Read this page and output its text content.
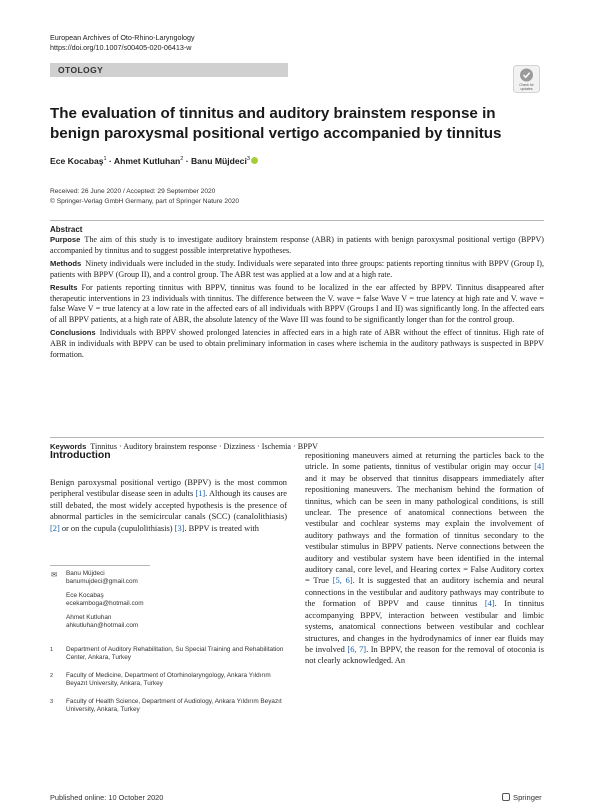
European Archives of Oto-Rhino-Laryngology
https://doi.org/10.1007/s00405-020-06413-w
OTOLOGY
Check for
updates
The evaluation of tinnitus and auditory brainstem response in benign paroxysmal positional vertigo accompanied by tinnitus
Ece Kocabaş$^1$ · Ahmet Kutluhan$^2$ · Banu Müjdeci$^3$
Received: 26 June 2020 / Accepted: 29 September 2020
© Springer-Verlag GmbH Germany, part of Springer Nature 2020
Abstract

Purpose The aim of this study is to investigate auditory brainstem response (ABR) in patients with benign paroxysmal positional vertigo (BPPV) accompanied by tinnitus and to suggest possible interpretative hypotheses.

Methods Ninety individuals were included in the study. Individuals were separated into three groups: patients reporting tinnitus with BPPV (Group I), patients with BPPV (Group II), and a control group. The ABR test was applied at a low and at a high rate.

Results For patients reporting tinnitus with BPPV, tinnitus was found to be localized in the ear affected by BPPV. Tinnitus disappeared after therapeutic interventions in 23 individuals with tinnitus. The difference between the V. wave = false Wave V = true latency at high rate and V. wave = false Wave V = true latency at a low rate in the affected ears of all individuals with BPPV (Groups I and II) was significantly long. In the affected ears of all BPPV patients, at a high rate of ABR, the absolute latency of the Wave III was found to be significantly longer than for the control group.

Conclusions Individuals with BPPV showed prolonged latencies in affected ears in a high rate of ABR without the effect of tinnitus. High rate of ABR in individuals with BPPV can be used to obtain preliminary information in cases where ischemia in the auditory pathways is suspected in BPPV formation.

Keywords Tinnitus · Auditory brainstem response · Dizziness · Ischemia · BPPV
Introduction

Benign paroxysmal positional vertigo (BPPV) is the most common peripheral vestibular disease seen in adults [1]. Although its causes are still debated, the most widely accepted hypothesis is the presence of abnormal particles in the semicircular canals (SCC) (canalolithiasis) [2] or on the cupula (cupulolithiasis) [3]. BPPV is treated with

repositioning maneuvers aimed at returning the particles back to the utricle. In some patients, tinnitus of vestibular origin may occur [4] and it may be observed that tinnitus disappears immediately after repositioning maneuvers. The mechanism behind the formation of tinnitus, which can be seen in many pathological conditions, is still unclear. The presence of anatomical connections between the vestibular and cochlear systems may explain the involvement of auditory pathways and the formation of tinnitus secondary to the vestibular stimulus in BPPV patients. Nerve connections between the auditory and vestibular system have been identified in the internal auditory canal, core level, and Hearing cortex = False Auditory cortex = True [5, 6]. It is suggested that an auditory ischemia and neural connections in the vestibular and auditory pathways may contribute to the formation of BPPV and cause tinnitus [4]. In tinnitus accompanying BPPV, interaction between vestibular and limbic systems, anatomical connections between vestibular and cochlear structures, and changes in the hydrodynamics of inner ear fluids may be involved [6, 7]. In BPPV, the reason for the removal of otoconia is not clearly acknowledged. An

✉ Banu Müjdeci
banumujdeci@gmail.com
Ece Kocabaş
ecekamboga@hotmail.com
Ahmet Kutluhan
ahkutluhan@hotmail.com
1	Department of Auditory Rehabilitation, Su Special Training and Rehabilitation Center, Ankara, Turkey
2	Faculty of Medicine, Department of Otorhinolaryngology, Ankara Yıldırım Beyazıt University, Ankara, Turkey
3	Faculty of Health Science, Department of Audiology, Ankara Yıldırım Beyazıt University, Ankara, Turkey
Published online: 10 October 2020	Springer
